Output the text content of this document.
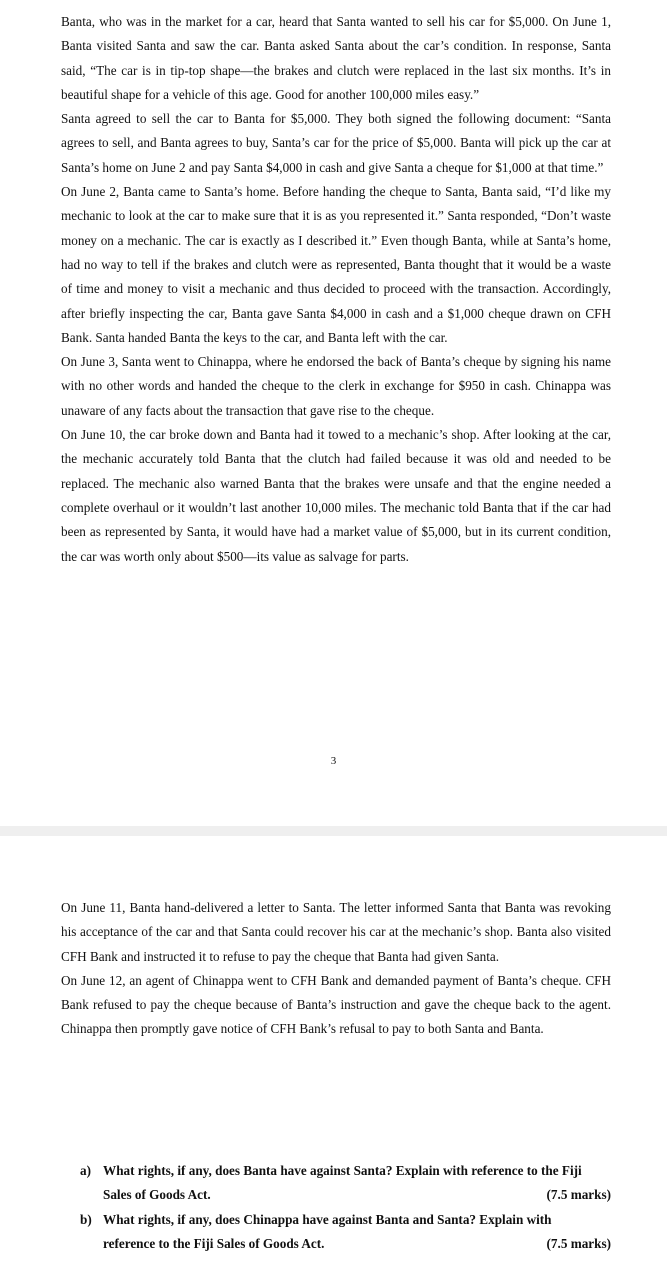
Banta, who was in the market for a car, heard that Santa wanted to sell his car for $5,000. On June 1, Banta visited Santa and saw the car. Banta asked Santa about the car’s condition. In response, Santa said, “The car is in tip-top shape—the brakes and clutch were replaced in the last six months. It’s in beautiful shape for a vehicle of this age. Good for another 100,000 miles easy.”

Santa agreed to sell the car to Banta for $5,000. They both signed the following document: “Santa agrees to sell, and Banta agrees to buy, Santa’s car for the price of $5,000. Banta will pick up the car at Santa’s home on June 2 and pay Santa $4,000 in cash and give Santa a cheque for $1,000 at that time.”

On June 2, Banta came to Santa’s home. Before handing the cheque to Santa, Banta said, “I’d like my mechanic to look at the car to make sure that it is as you represented it.” Santa responded, “Don’t waste money on a mechanic. The car is exactly as I described it.” Even though Banta, while at Santa’s home, had no way to tell if the brakes and clutch were as represented, Banta thought that it would be a waste of time and money to visit a mechanic and thus decided to proceed with the transaction. Accordingly, after briefly inspecting the car, Banta gave Santa $4,000 in cash and a $1,000 cheque drawn on CFH Bank. Santa handed Banta the keys to the car, and Banta left with the car.

On June 3, Santa went to Chinappa, where he endorsed the back of Banta’s cheque by signing his name with no other words and handed the cheque to the clerk in exchange for $950 in cash. Chinappa was unaware of any facts about the transaction that gave rise to the cheque.

On June 10, the car broke down and Banta had it towed to a mechanic’s shop. After looking at the car, the mechanic accurately told Banta that the clutch had failed because it was old and needed to be replaced. The mechanic also warned Banta that the brakes were unsafe and that the engine needed a complete overhaul or it wouldn’t last another 10,000 miles. The mechanic told Banta that if the car had been as represented by Santa, it would have had a market value of $5,000, but in its current condition, the car was worth only about $500—its value as salvage for parts.

3

On June 11, Banta hand-delivered a letter to Santa. The letter informed Santa that Banta was revoking his acceptance of the car and that Santa could recover his car at the mechanic’s shop. Banta also visited CFH Bank and instructed it to refuse to pay the cheque that Banta had given Santa.

On June 12, an agent of Chinappa went to CFH Bank and demanded payment of Banta’s cheque. CFH Bank refused to pay the cheque because of Banta’s instruction and gave the cheque back to the agent. Chinappa then promptly gave notice of CFH Bank’s refusal to pay to both Santa and Banta.

a) What rights, if any, does Banta have against Santa? Explain with reference to the Fiji
Sales of Goods Act.	(7.5 marks)
b) What rights, if any, does Chinappa have against Banta and Santa? Explain with
reference to the Fiji Sales of Goods Act.	(7.5 marks)
